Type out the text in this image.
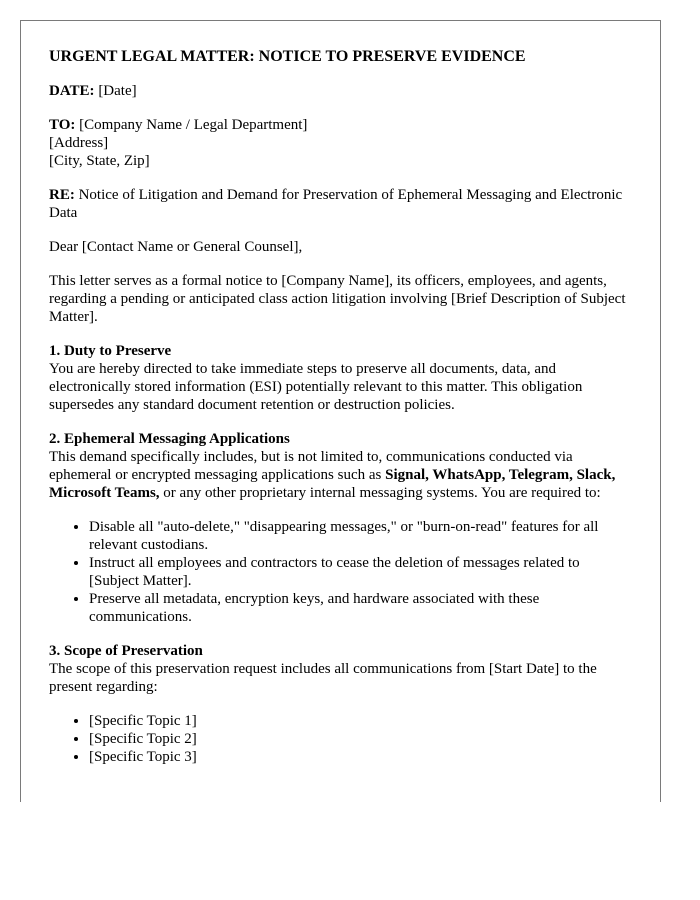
URGENT LEGAL MATTER: NOTICE TO PRESERVE EVIDENCE

DATE: [Date]

TO: [Company Name / Legal Department]
[Address]
[City, State, Zip]

RE: Notice of Litigation and Demand for Preservation of Ephemeral Messaging and Electronic Data

Dear [Contact Name or General Counsel],

This letter serves as a formal notice to [Company Name], its officers, employees, and agents, regarding a pending or anticipated class action litigation involving [Brief Description of Subject Matter].

1. Duty to Preserve
You are hereby directed to take immediate steps to preserve all documents, data, and electronically stored information (ESI) potentially relevant to this matter. This obligation supersedes any standard document retention or destruction policies.
2. Ephemeral Messaging Applications
This demand specifically includes, but is not limited to, communications conducted via ephemeral or encrypted messaging applications such as Signal, WhatsApp, Telegram, Slack, Microsoft Teams, or any other proprietary internal messaging systems. You are required to:
• Disable all "auto-delete," "disappearing messages," or "burn-on-read" features for all relevant custodians.
• Instruct all employees and contractors to cease the deletion of messages related to [Subject Matter].
• Preserve all metadata, encryption keys, and hardware associated with these communications.
3. Scope of Preservation
The scope of this preservation request includes all communications from [Start Date] to the present regarding:
• [Specific Topic 1]
• [Specific Topic 2]
• [Specific Topic 3]
